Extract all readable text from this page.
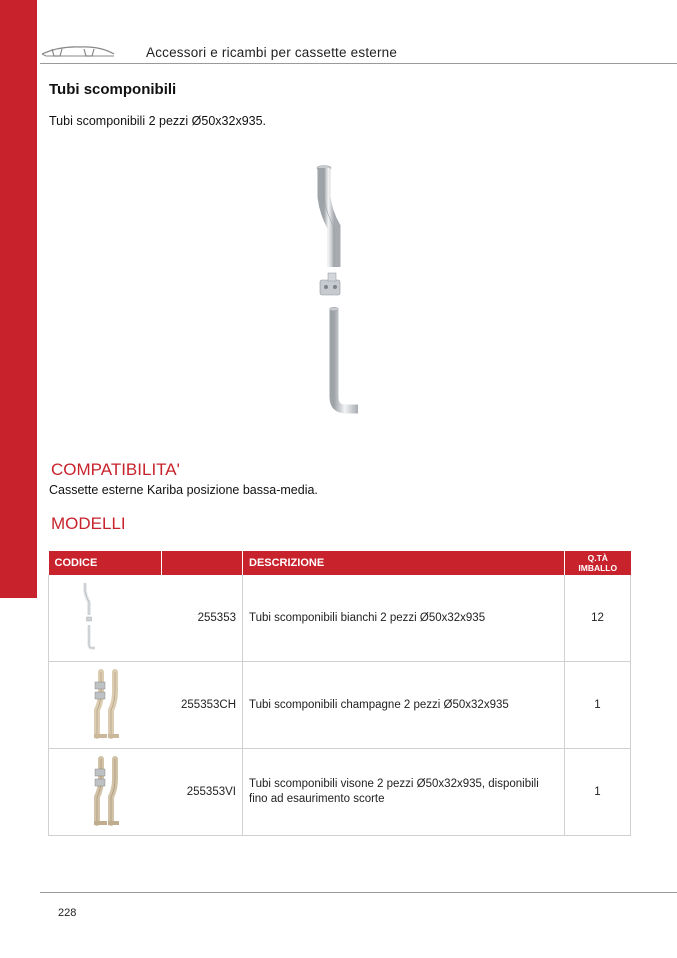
Accessori e ricambi per cassette esterne
Tubi scomponibili
Tubi scomponibili 2 pezzi Ø50x32x935.
COMPATIBILITA'
Cassette esterne Kariba posizione bassa-media.
MODELLI
CODICE		DESCRIZIONE	Q.TÀ
IMBALLO

	255353	Tubi scomponibili bianchi 2 pezzi Ø50x32x935	12
	255353CH	Tubi scomponibili champagne 2 pezzi Ø50x32x935	1
	255353VI	Tubi scomponibili visone 2 pezzi Ø50x32x935, disponibili fino ad esaurimento scorte	1
228
